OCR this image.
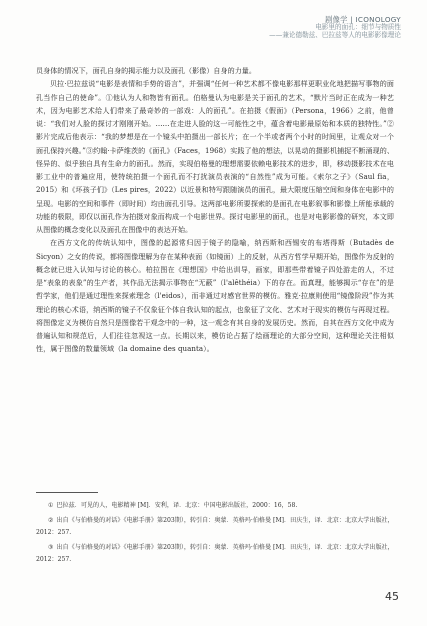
剧像学 | ICONOLOGY
电影里的面孔：细节与物质性
——兼论德勒兹、巴拉兹等人的电影影像理论

员身体的情况下，面孔自身的揭示能力以及面孔（影像）自身的力量。

贝拉·巴拉兹说“电影是表情和手势的语言”，并强调“任何一种艺术都不像电影那样更职业化地把描写事物的面孔当作自己的使命”。①他认为人和物皆有面孔。伯格曼认为电影是关于面孔的艺术，“默片当时正在成为一种艺术，因为电影艺术给人们带来了最奇妙的一部戏：人的面孔”。在拍摄《假面》（Persona，1966）之前，他曾说：“我们对人脸的探讨才刚刚开始。……在走进人脸的这一可能性之中，蕴含着电影最原始和本质的独特性。”②影片完成后他表示：“我的梦想是在一个镜头中拍摄出一部长片；在一个半或者两个小时的时间里，让观众对一个面孔保持兴趣。”③约翰·卡萨维茨的《面孔》（Faces，1968）实践了他的想法，以晃动的摄影机捕捉不断涌现的、怪异的、似乎独自具有生命力的面孔。然而，实现伯格曼的理想需要依赖电影技术的进步，即，移动摄影技术在电影工业中的普遍应用，使特统拍摄一个面孔而不打扰演员表演的“自然性”成为可能。《索尔之子》（Saul fia，2015）和《坏孩子们》（Les pires，2022）以近景和特写跟随演员的面孔，最大限度压缩空间和身体在电影中的呈现。电影的空间和事件（即时间）均由面孔引导。这两部电影所要探索的是面孔在电影叙事和影像上所能承载的功能的极限，即仅以面孔作为拍摄对象而构成一个电影世界。探讨电影里的面孔，也是对电影影像的研究，本文即从图像的概念变化以及面孔在图像中的表达开始。

在西方文化的传统认知中，图像的起源常归因于镜子的隐喻，纳西斯和西锡安的布塔得斯（Butadès de Sicyon）之女的传说，都将图像理解为存在某种表面（如镜面）上的反射，从西方哲学早期开始，图像作为反射的概念就已进入认知与讨论的核心。柏拉图在《理想国》中给出训导，画家，即那些带着镜子四处游走的人，不过是“表象的表象”的生产者，其作品无法揭示事物在“无蔽”（l'alêthéia）下的存在。而真理，能够揭示“存在”的是哲学家，他们是通过理性来探索理念（l'eidos），而非通过对感官世界的模仿。雅克·拉康则使用“镜像阶段”作为其理论的核心术语，纳西斯的镜子不仅象征个体自我认知的起点，也象征了文化、艺术对于现实的模仿与再现过程。将图像定义为模仿自然只是图像若干观念中的一种，这一观念有其自身的发展历史。然而，自其在西方文化中成为普遍认知和规范后，人们往往忽视这一点。长期以来，模仿论占据了绘画理论的大部分空间，这种理论关注相似性，属于图像的数量领域（la domaine des quanta）。

① 巴拉兹．可见的人，电影精神 [M]．安利，译．北京：中国电影出版社，2000：16，58.
② 出自《与伯格曼的对话》《电影手册》第203期），转引自：奥蒙．英格玛·伯格曼 [M]．田庆生，译．北京：北京大学出版社，2012：257.
③ 出自《与伯格曼的对话》《电影手册》第203期），转引自：奥蒙．英格玛·伯格曼 [M]．田庆生，译．北京：北京大学出版社，2012：257.
45
